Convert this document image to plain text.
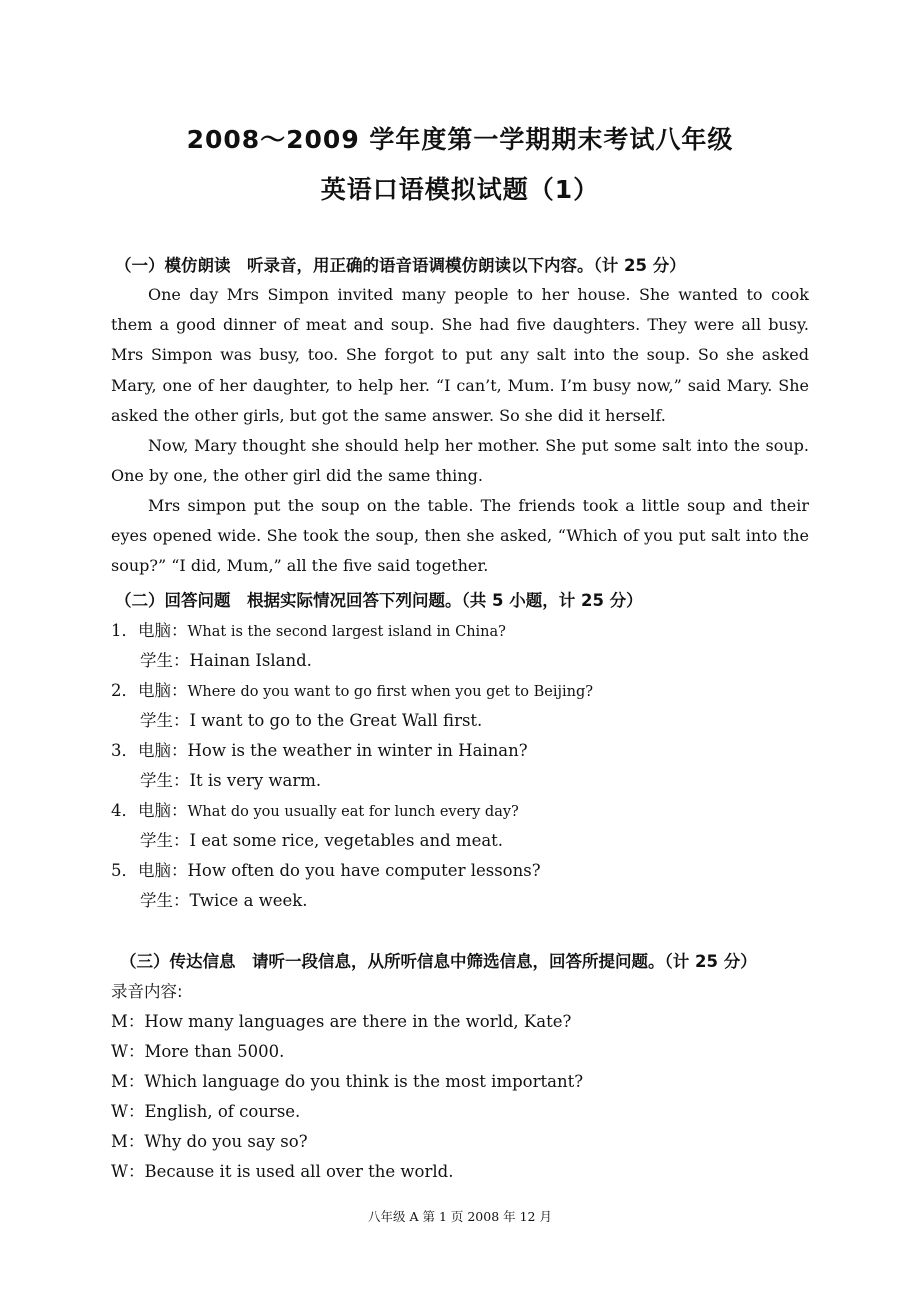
2008～2009 学年度第一学期期末考试八年级
英语口语模拟试题（1）
（一）模仿朗读　听录音，用正确的语音语调模仿朗读以下内容。（计 25 分）
One day Mrs Simpon invited many people to her house. She wanted to cook them a good dinner of meat and soup. She had five daughters. They were all busy. Mrs Simpon was busy, too. She forgot to put any salt into the soup. So she asked Mary, one of her daughter, to help her. “I can’t, Mum. I’m busy now,” said Mary. She asked the other girls, but got the same answer. So she did it herself.
Now, Mary thought she should help her mother. She put some salt into the soup. One by one, the other girl did the same thing.
Mrs simpon put the soup on the table. The friends took a little soup and their eyes opened wide. She took the soup, then she asked, “Which of you put salt into the soup?” “I did, Mum,” all the five said together.
（二）回答问题　根据实际情况回答下列问题。（共 5 小题，计 25 分）
1．电脑：What is the second largest island in China?
学生：Hainan Island.
2．电脑：Where do you want to go first when you get to Beijing?
学生：I want to go to the Great Wall first.
3．电脑：How is the weather in winter in Hainan?
学生：It is very warm.
4．电脑：What do you usually eat for lunch every day?
学生：I eat some rice, vegetables and meat.
5．电脑：How often do you have computer lessons?
学生：Twice a week.
（三）传达信息　请听一段信息，从所听信息中筛选信息，回答所提问题。（计 25 分）
录音内容:
M：How many languages are there in the world, Kate?
W：More than 5000.
M：Which language do you think is the most important?
W：English, of course.
M：Why do you say so?
W：Because it is used all over the world.
八年级 A 第 1 页 2008 年 12 月
